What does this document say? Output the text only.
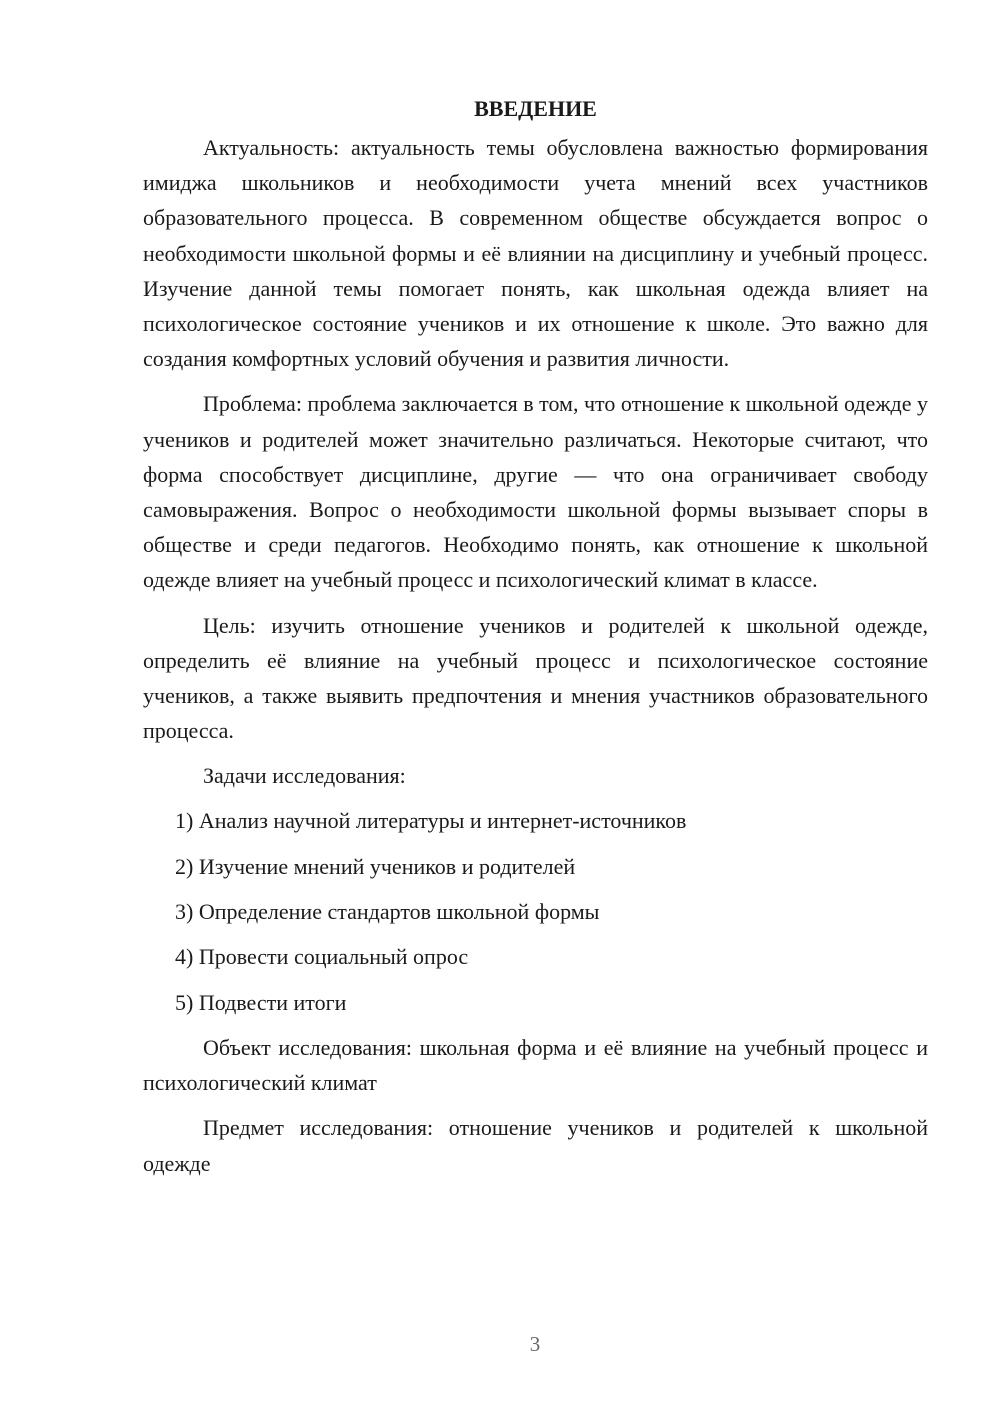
ВВЕДЕНИЕ

Актуальность: актуальность темы обусловлена важностью формирования имиджа школьников и необходимости учета мнений всех участников образовательного процесса. В современном обществе обсуждается вопрос о необходимости школьной формы и её влиянии на дисциплину и учебный процесс. Изучение данной темы помогает понять, как школьная одежда влияет на психологическое состояние учеников и их отношение к школе. Это важно для создания комфортных условий обучения и развития личности.

Проблема: проблема заключается в том, что отношение к школьной одежде у учеников и родителей может значительно различаться. Некоторые считают, что форма способствует дисциплине, другие — что она ограничивает свободу самовыражения. Вопрос о необходимости школьной формы вызывает споры в обществе и среди педагогов. Необходимо понять, как отношение к школьной одежде влияет на учебный процесс и психологический климат в классе.

Цель: изучить отношение учеников и родителей к школьной одежде, определить её влияние на учебный процесс и психологическое состояние учеников, а также выявить предпочтения и мнения участников образовательного процесса.

Задачи исследования:

1) Анализ научной литературы и интернет-источников
2) Изучение мнений учеников и родителей
3) Определение стандартов школьной формы
4) Провести социальный опрос
5) Подвести итоги

Объект исследования: школьная форма и её влияние на учебный процесс и психологический климат

Предмет исследования: отношение учеников и родителей к школьной одежде

3
